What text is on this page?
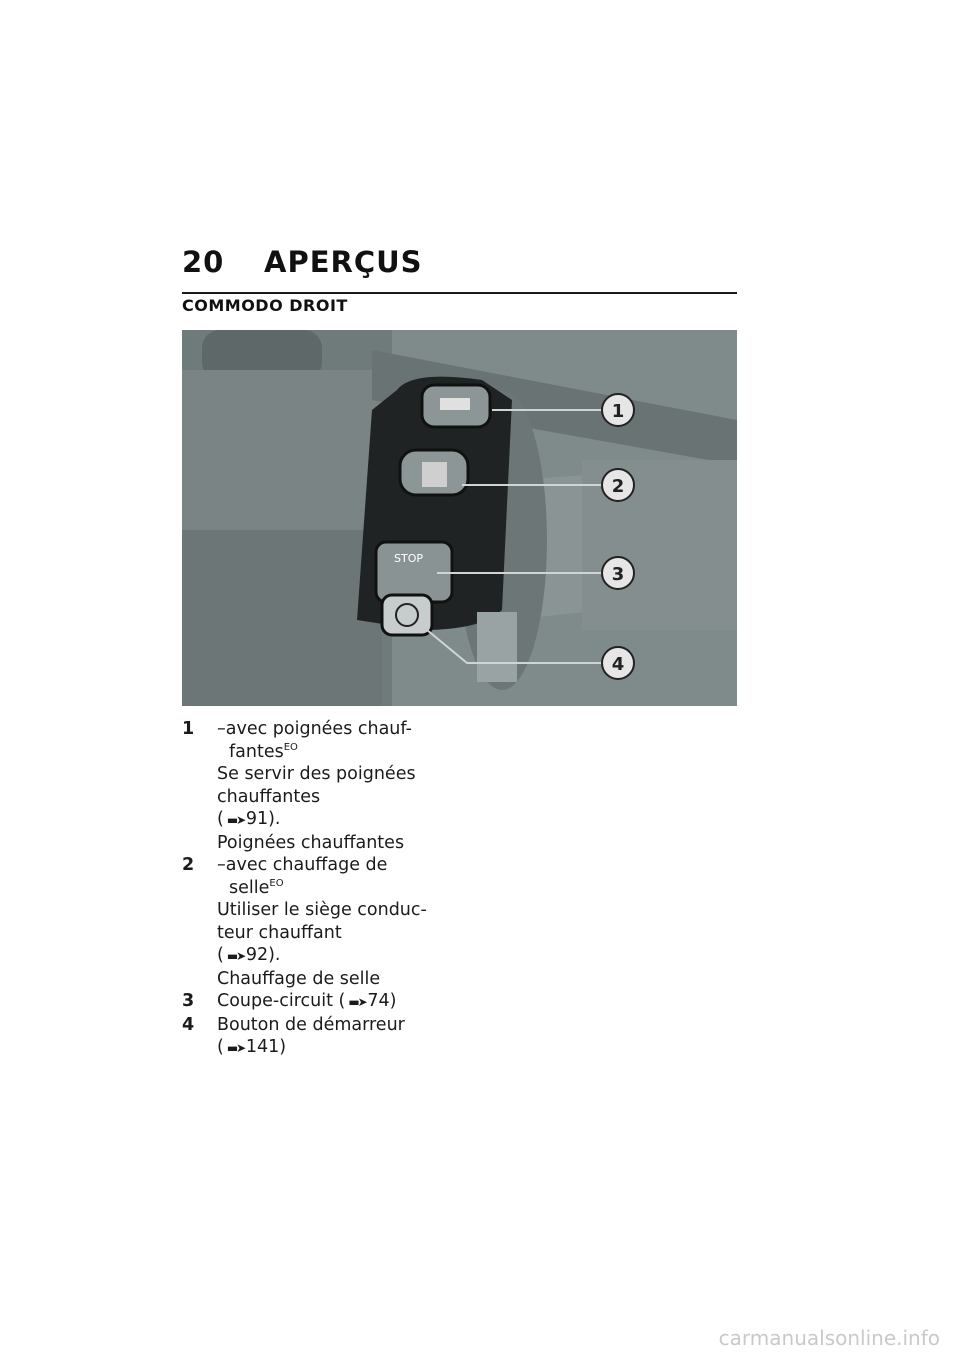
20 APERÇUS
COMMODO DROIT
STOP
1
2
3
4
1	–avec poignées chauf-
fantes$^{EO}$
Se servir des poignées chauffantes
( ▬➤91).
Poignées chauffantes
2	–avec chauffage de
selle$^{EO}$
Utiliser le siège conduc- teur chauffant
( ▬➤92).
Chauffage de selle
3	Coupe-circuit ( ▬➤74)
4	Bouton de démarreur
( ▬➤141)
carmanualsonline.info
